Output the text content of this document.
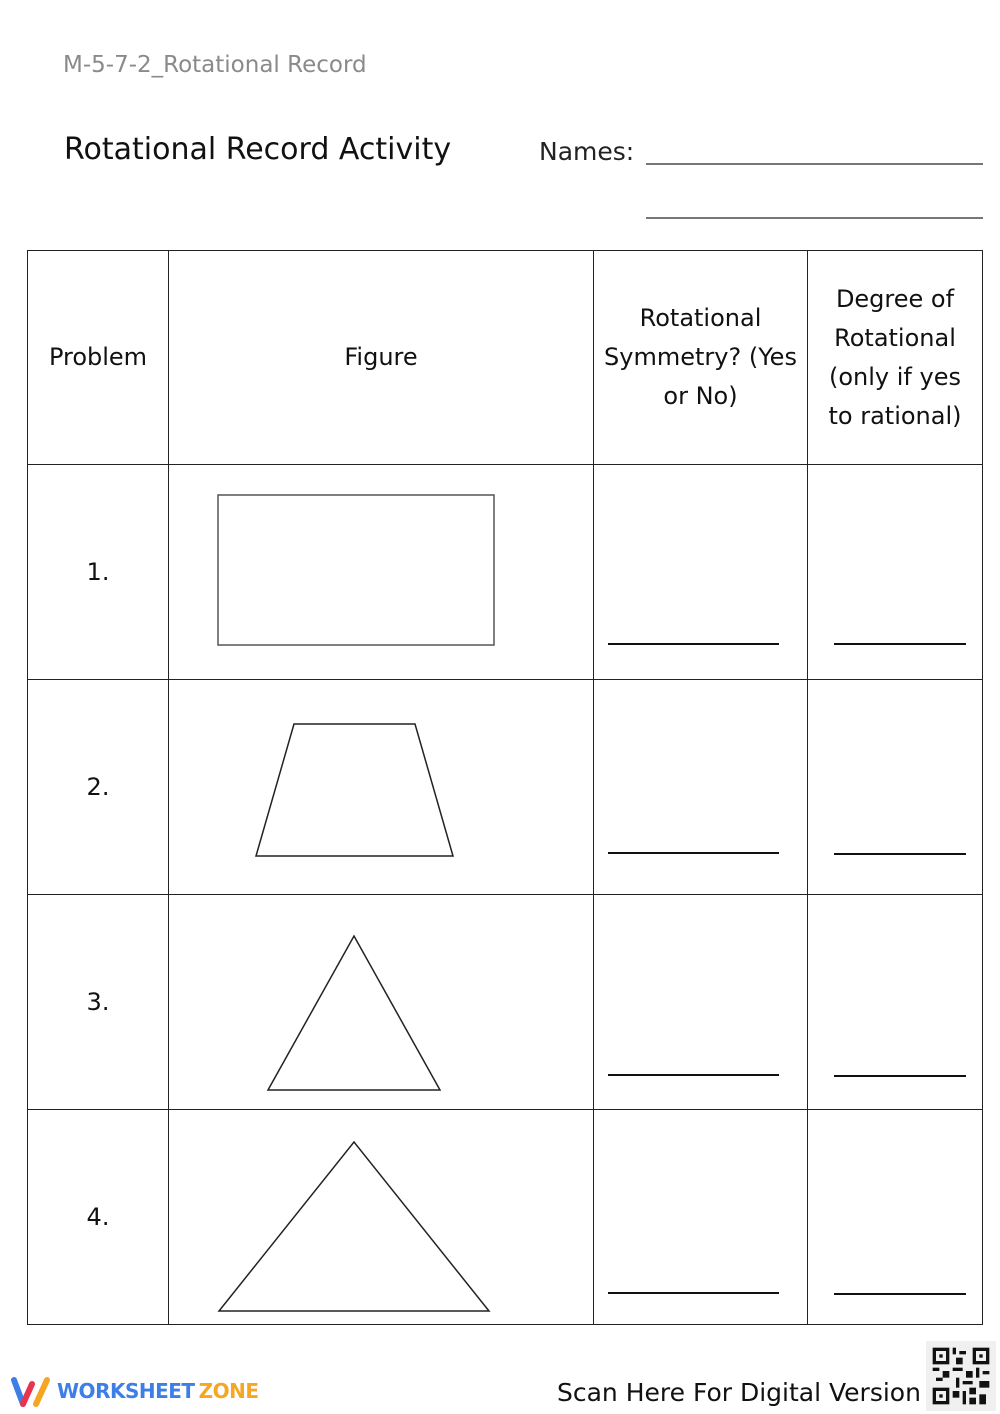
M-5-7-2_Rotational Record
Rotational Record Activity	Names:
Problem	Figure	Rotational Symmetry? (Yes or No)	Degree of Rotational (only if yes to rational)
1.		

2.		

3.		

4.		

WORKSHEET ZONE	Scan Here For Digital Version
